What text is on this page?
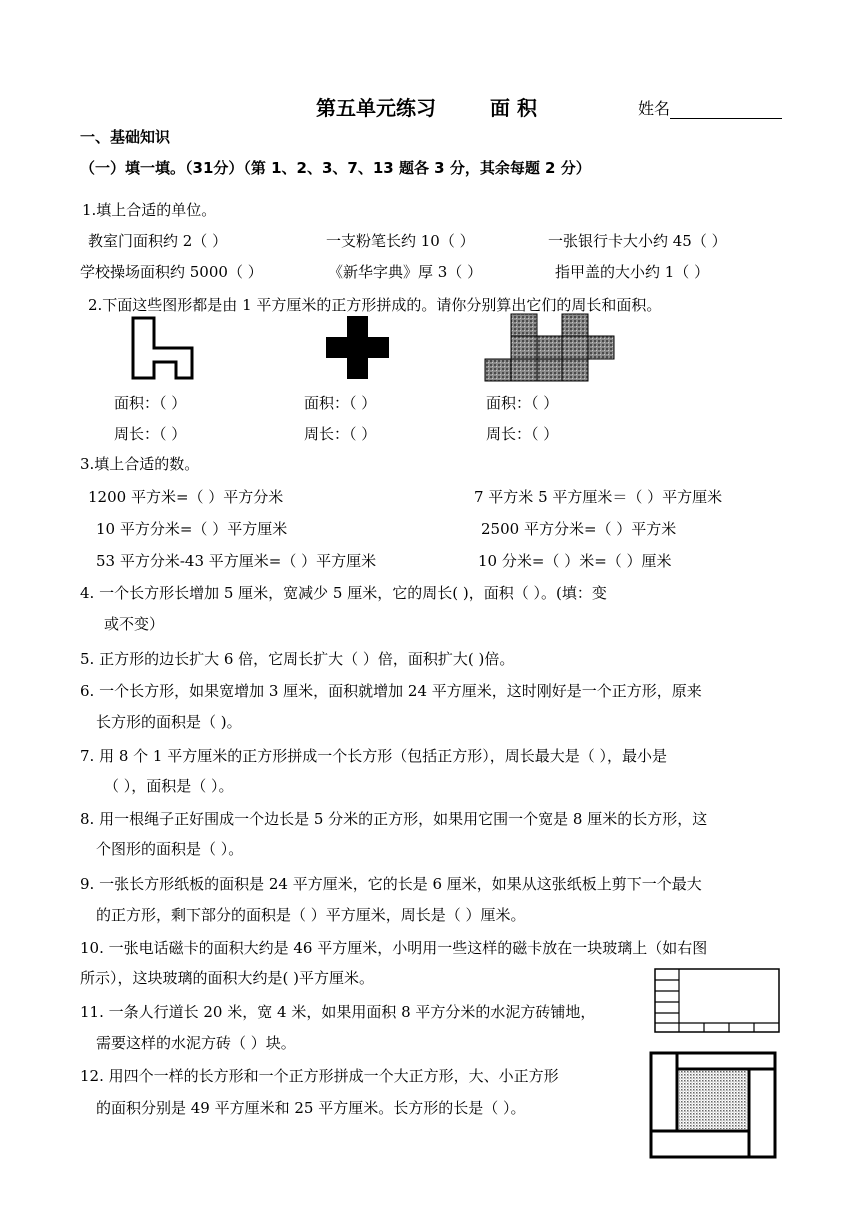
第五单元练习	面 积	姓名
一、基础知识
（一）填一填。（31分）（第 1、2、3、7、13 题各 3 分，其余每题 2 分）
1.填上合适的单位。
教室门面积约 2（ ）	一支粉笔长约 10（ ）	一张银行卡大小约 45（ ）
学校操场面积约 5000（ ）	《新华字典》厚 3（ ）	指甲盖的大小约 1（ ）
2.下面这些图形都是由 1 平方厘米的正方形拼成的。请你分别算出它们的周长和面积。
面积：（ ）	面积：（ ）	面积：（ ）
周长：（ ）	周长：（ ）	周长：（ ）
3.填上合适的数。
1200 平方米=（ ）平方分米	7 平方米 5 平方厘米＝（ ）平方厘米
10 平方分米=（ ）平方厘米	2500 平方分米=（ ）平方米
53 平方分米-43 平方厘米=（ ）平方厘米	10 分米=（ ）米=（ ）厘米
4. 一个长方形长增加 5 厘米，宽减少 5 厘米，它的周长( )，面积（ ）。(填：变
或不变）
5. 正方形的边长扩大 6 倍，它周长扩大（ ）倍，面积扩大( )倍。
6. 一个长方形，如果宽增加 3 厘米，面积就增加 24 平方厘米，这时刚好是一个正方形，原来
长方形的面积是（ )。
7. 用 8 个 1 平方厘米的正方形拼成一个长方形（包括正方形），周长最大是（ ），最小是
（ ），面积是（ ）。
8. 用一根绳子正好围成一个边长是 5 分米的正方形，如果用它围一个宽是 8 厘米的长方形，这
个图形的面积是（ ）。
9. 一张长方形纸板的面积是 24 平方厘米，它的长是 6 厘米，如果从这张纸板上剪下一个最大
的正方形，剩下部分的面积是（ ）平方厘米，周长是（ ）厘米。
10. 一张电话磁卡的面积大约是 46 平方厘米，小明用一些这样的磁卡放在一块玻璃上（如右图
所示），这块玻璃的面积大约是( )平方厘米。
11. 一条人行道长 20 米，宽 4 米，如果用面积 8 平方分米的水泥方砖铺地，
需要这样的水泥方砖（ ）块。
12. 用四个一样的长方形和一个正方形拼成一个大正方形，大、小正方形
的面积分别是 49 平方厘米和 25 平方厘米。长方形的长是（ ）。
